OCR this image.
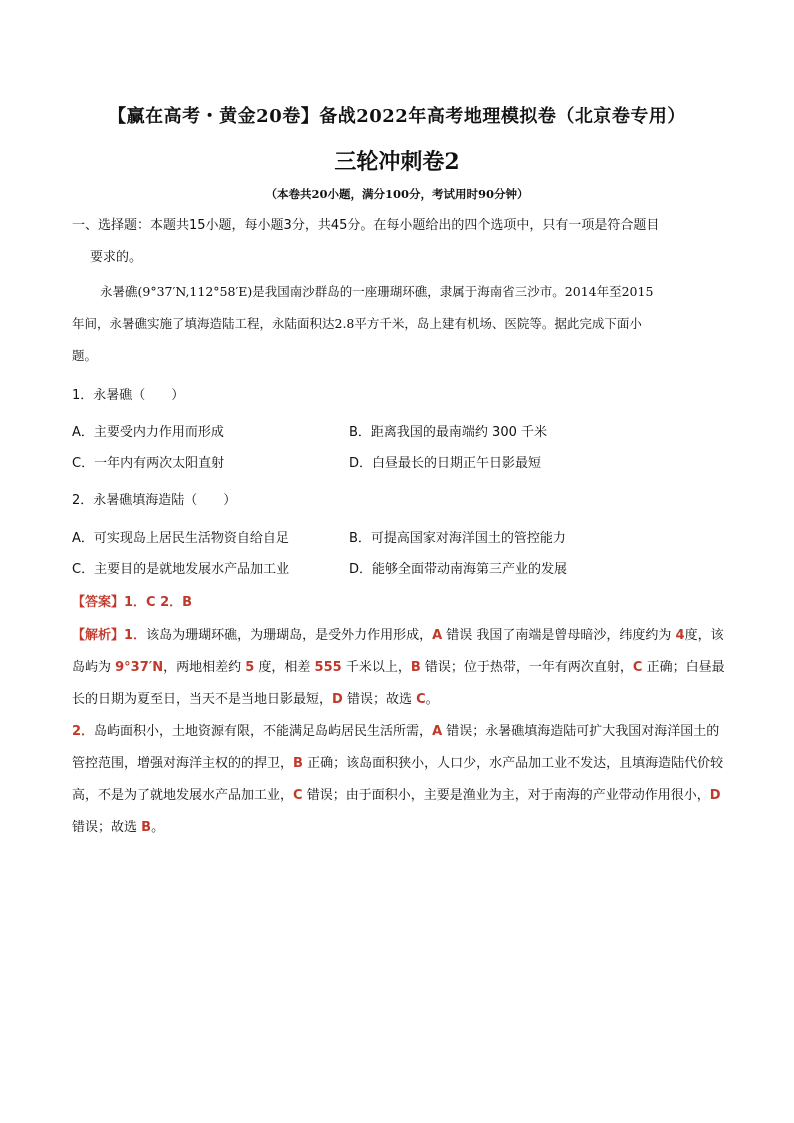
【赢在高考・黄金20卷】备战2022年高考地理模拟卷（北京卷专用）
三轮冲刺卷2
（本卷共20小题，满分100分，考试用时90分钟）
一、选择题：本题共15小题，每小题3分，共45分。在每小题给出的四个选项中，只有一项是符合题目
要求的。
永暑礁(9°37′N,112°58′E)是我国南沙群岛的一座珊瑚环礁，隶属于海南省三沙市。2014年至2015
年间，永暑礁实施了填海造陆工程，永陆面积达2.8平方千米，岛上建有机场、医院等。据此完成下面小
题。
1．永暑礁（　　）
A．主要受内力作用而形成	B．距离我国的最南端约 300 千米
C．一年内有两次太阳直射	D．白昼最长的日期正午日影最短
2．永暑礁填海造陆（　　）
A．可实现岛上居民生活物资自给自足	B．可提高国家对海洋国土的管控能力
C．主要目的是就地发展水产品加工业	D．能够全面带动南海第三产业的发展
【答案】1．C 2．B

【解析】1．该岛为珊瑚环礁，为珊瑚岛，是受外力作用形成，A 错误 我国了南端是曾母暗沙，纬度约为 4度，该岛屿为 9°37′N，两地相差约 5 度，相差 555 千米以上，B 错误；位于热带，一年有两次直射，C 正确；白昼最长的日期为夏至日，当天不是当地日影最短，D 错误；故选 C。

2．岛屿面积小，土地资源有限，不能满足岛屿居民生活所需，A 错误；永暑礁填海造陆可扩大我国对海洋国土的管控范围，增强对海洋主权的的捍卫，B 正确；该岛面积狭小，人口少，水产品加工业不发达，且填海造陆代价较高，不是为了就地发展水产品加工业，C 错误；由于面积小，主要是渔业为主，对于南海的产业带动作用很小，D 错误；故选 B。
